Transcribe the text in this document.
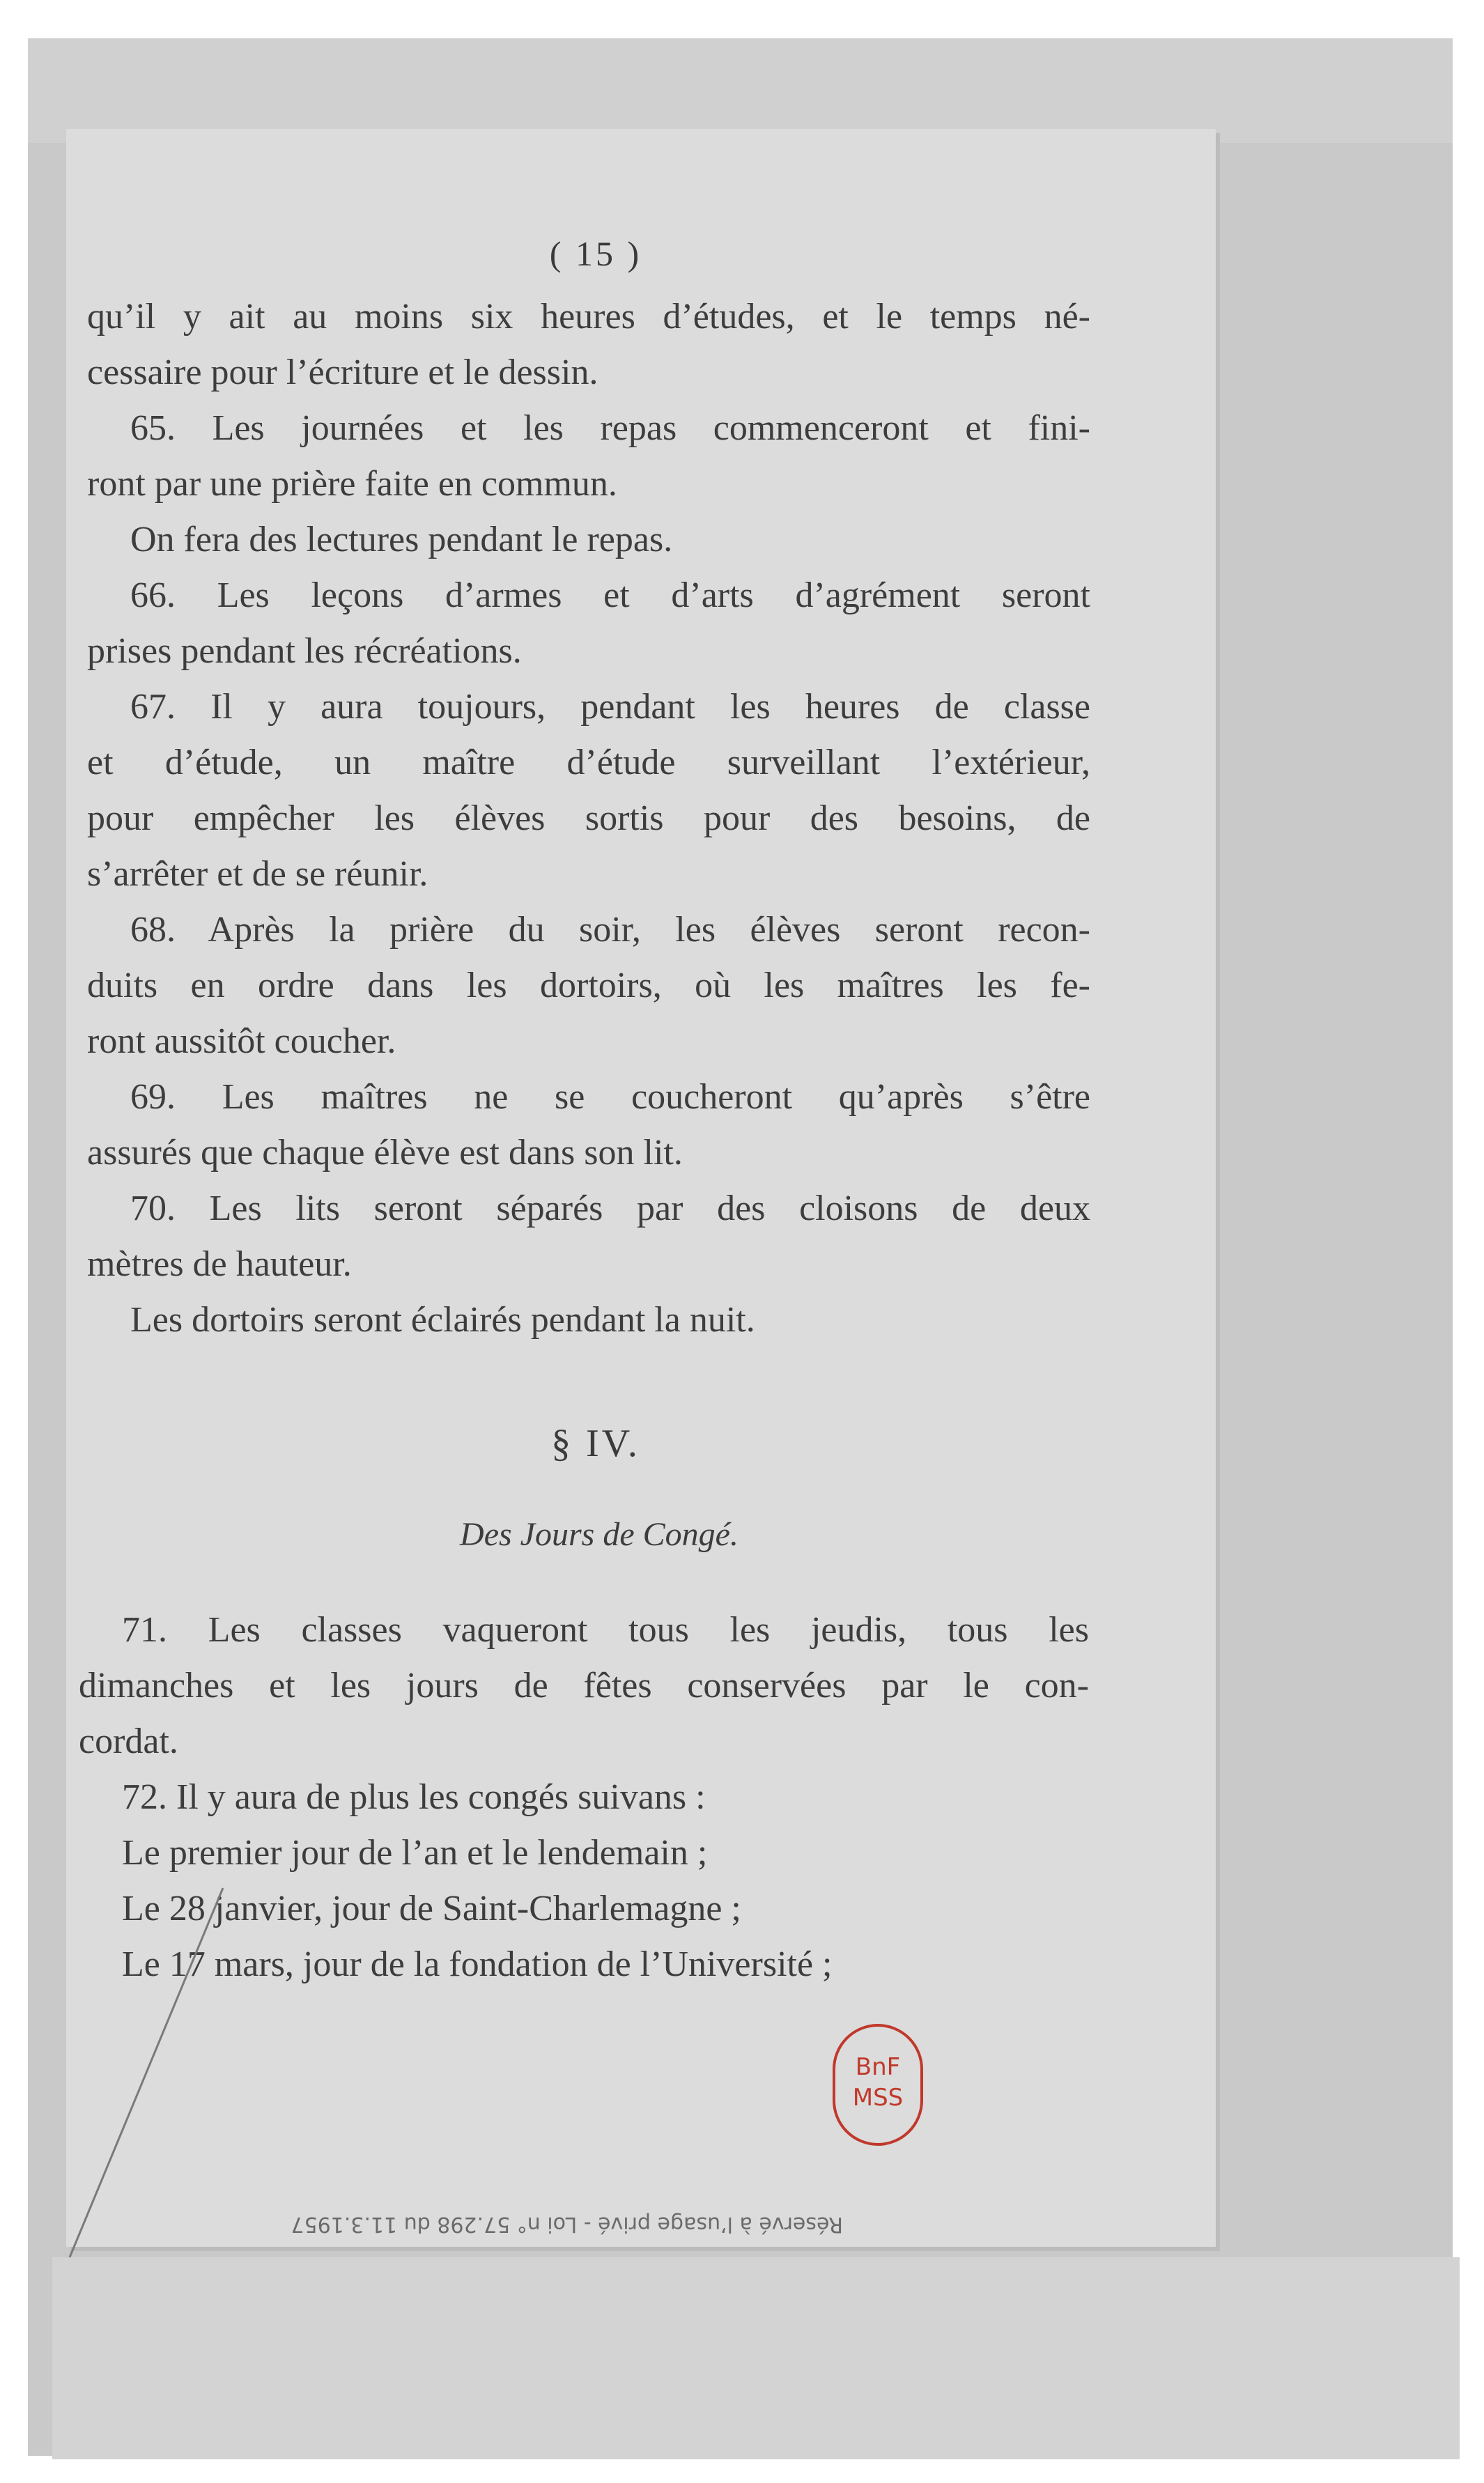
( 15 )
qu’il y ait au moins six heures d’études, et le temps né-
cessaire pour l’écriture et le dessin.
65. Les journées et les repas commenceront et fini-
ront par une prière faite en commun.
On fera des lectures pendant le repas.
66. Les leçons d’armes et d’arts d’agrément seront
prises pendant les récréations.
67. Il y aura toujours, pendant les heures de classe
et d’étude, un maître d’étude surveillant l’extérieur,
pour empêcher les élèves sortis pour des besoins, de
s’arrêter et de se réunir.
68. Après la prière du soir, les élèves seront recon-
duits en ordre dans les dortoirs, où les maîtres les fe-
ront aussitôt coucher.
69. Les maîtres ne se coucheront qu’après s’être
assurés que chaque élève est dans son lit.
70. Les lits seront séparés par des cloisons de deux
mètres de hauteur.
Les dortoirs seront éclairés pendant la nuit.
§ IV.
Des Jours de Congé.
71. Les classes vaqueront tous les jeudis, tous les
dimanches et les jours de fêtes conservées par le con-
cordat.
72. Il y aura de plus les congés suivans :
Le premier jour de l’an et le lendemain ;
Le 28 janvier, jour de Saint-Charlemagne ;
Le 17 mars, jour de la fondation de l’Université ;
BnF
MSS
Réservé à l’usage privé - Loi n° 57.298 du 11.3.1957
